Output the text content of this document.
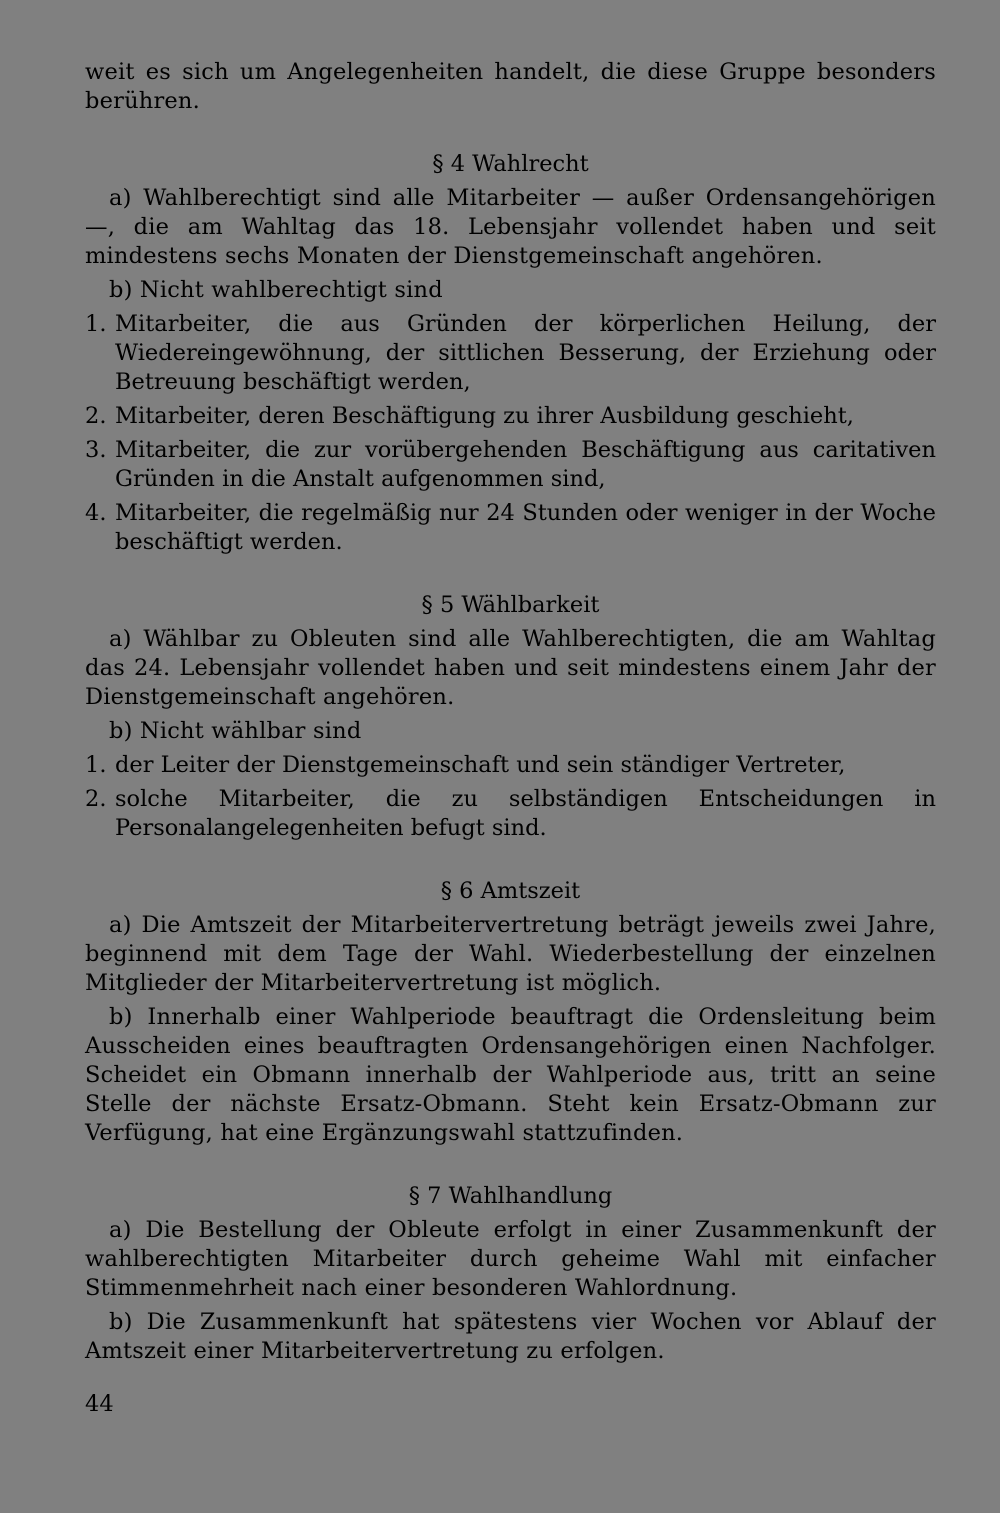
weit es sich um Angelegenheiten handelt, die diese Gruppe besonders berühren.

§ 4 Wahlrecht

a) Wahlberechtigt sind alle Mitarbeiter — außer Ordensangehörigen —, die am Wahltag das 18. Lebensjahr vollendet haben und seit mindestens sechs Monaten der Dienstgemeinschaft angehören.

b) Nicht wahlberechtigt sind

1. Mitarbeiter, die aus Gründen der körperlichen Heilung, der Wiedereingewöhnung, der sittlichen Besserung, der Erziehung oder Betreuung beschäftigt werden,
2. Mitarbeiter, deren Beschäftigung zu ihrer Ausbildung geschieht,
3. Mitarbeiter, die zur vorübergehenden Beschäftigung aus caritativen Gründen in die Anstalt aufgenommen sind,
4. Mitarbeiter, die regelmäßig nur 24 Stunden oder weniger in der Woche beschäftigt werden.

§ 5 Wählbarkeit

a) Wählbar zu Obleuten sind alle Wahlberechtigten, die am Wahltag das 24. Lebensjahr vollendet haben und seit mindestens einem Jahr der Dienstgemeinschaft angehören.

b) Nicht wählbar sind

1. der Leiter der Dienstgemeinschaft und sein ständiger Vertreter,
2. solche Mitarbeiter, die zu selbständigen Entscheidungen in Personalangelegenheiten befugt sind.

§ 6 Amtszeit

a) Die Amtszeit der Mitarbeitervertretung beträgt jeweils zwei Jahre, beginnend mit dem Tage der Wahl. Wiederbestellung der einzelnen Mitglieder der Mitarbeitervertretung ist möglich.

b) Innerhalb einer Wahlperiode beauftragt die Ordensleitung beim Ausscheiden eines beauftragten Ordensangehörigen einen Nachfolger. Scheidet ein Obmann innerhalb der Wahlperiode aus, tritt an seine Stelle der nächste Ersatz-Obmann. Steht kein Ersatz-Obmann zur Verfügung, hat eine Ergänzungswahl stattzufinden.

§ 7 Wahlhandlung

a) Die Bestellung der Obleute erfolgt in einer Zusammenkunft der wahlberechtigten Mitarbeiter durch geheime Wahl mit einfacher Stimmenmehrheit nach einer besonderen Wahlordnung.

b) Die Zusammenkunft hat spätestens vier Wochen vor Ablauf der Amtszeit einer Mitarbeitervertretung zu erfolgen.

44
